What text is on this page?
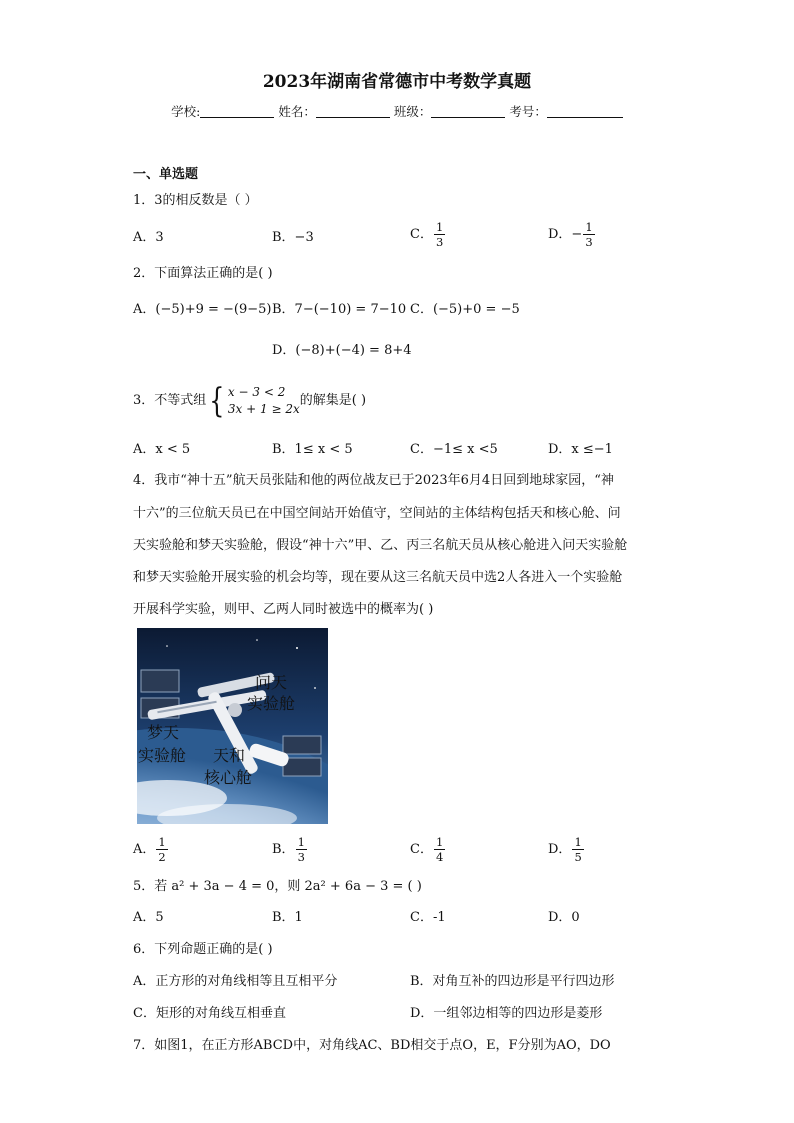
2023年湖南省常德市中考数学真题
学校:	姓名：	班级：	考号：
一、单选题
1．3的相反数是（ ）
A．3	B．−3	C． $\frac{1}{3}$	D．− $\frac{1}{3}$
2．下面算法正确的是( )
A．(−5)+9 = −(9−5) B．7−(−10) = 7−10 C．(−5)+0 = −5
D．(−8)+(−4) = 8+4
3．不等式组{ x − 3 < 2
3x + 1 ≥ 2x
的解集是( )
A．x < 5	B．1≤ x < 5	C．−1≤ x <5	D．x ≤−1
4．我市“神十五”航天员张陆和他的两位战友已于2023年6月4日回到地球家园，“神
十六”的三位航天员已在中国空间站开始值守，空间站的主体结构包括天和核心舱、问
天实验舱和梦天实验舱，假设“神十六”甲、乙、丙三名航天员从核心舱进入问天实验舱
和梦天实验舱开展实验的机会均等，现在要从这三名航天员中选2人各进入一个实验舱
开展科学实验，则甲、乙两人同时被选中的概率为( )
问天
实验舱
梦天
实验舱 天和
核心舱
A． $\frac{1}{2}$	B． $\frac{1}{3}$	C． $\frac{1}{4}$	D． $\frac{1}{5}$
5．若 a² + 3a − 4 = 0，则 2a² + 6a − 3 = ( )
A．5	B．1	C．-1	D．0
6．下列命题正确的是( )
A．正方形的对角线相等且互相平分	B．对角互补的四边形是平行四边形
C．矩形的对角线互相垂直	D．一组邻边相等的四边形是菱形
7．如图1，在正方形ABCD中，对角线AC、BD相交于点O，E，F分别为AO，DO
